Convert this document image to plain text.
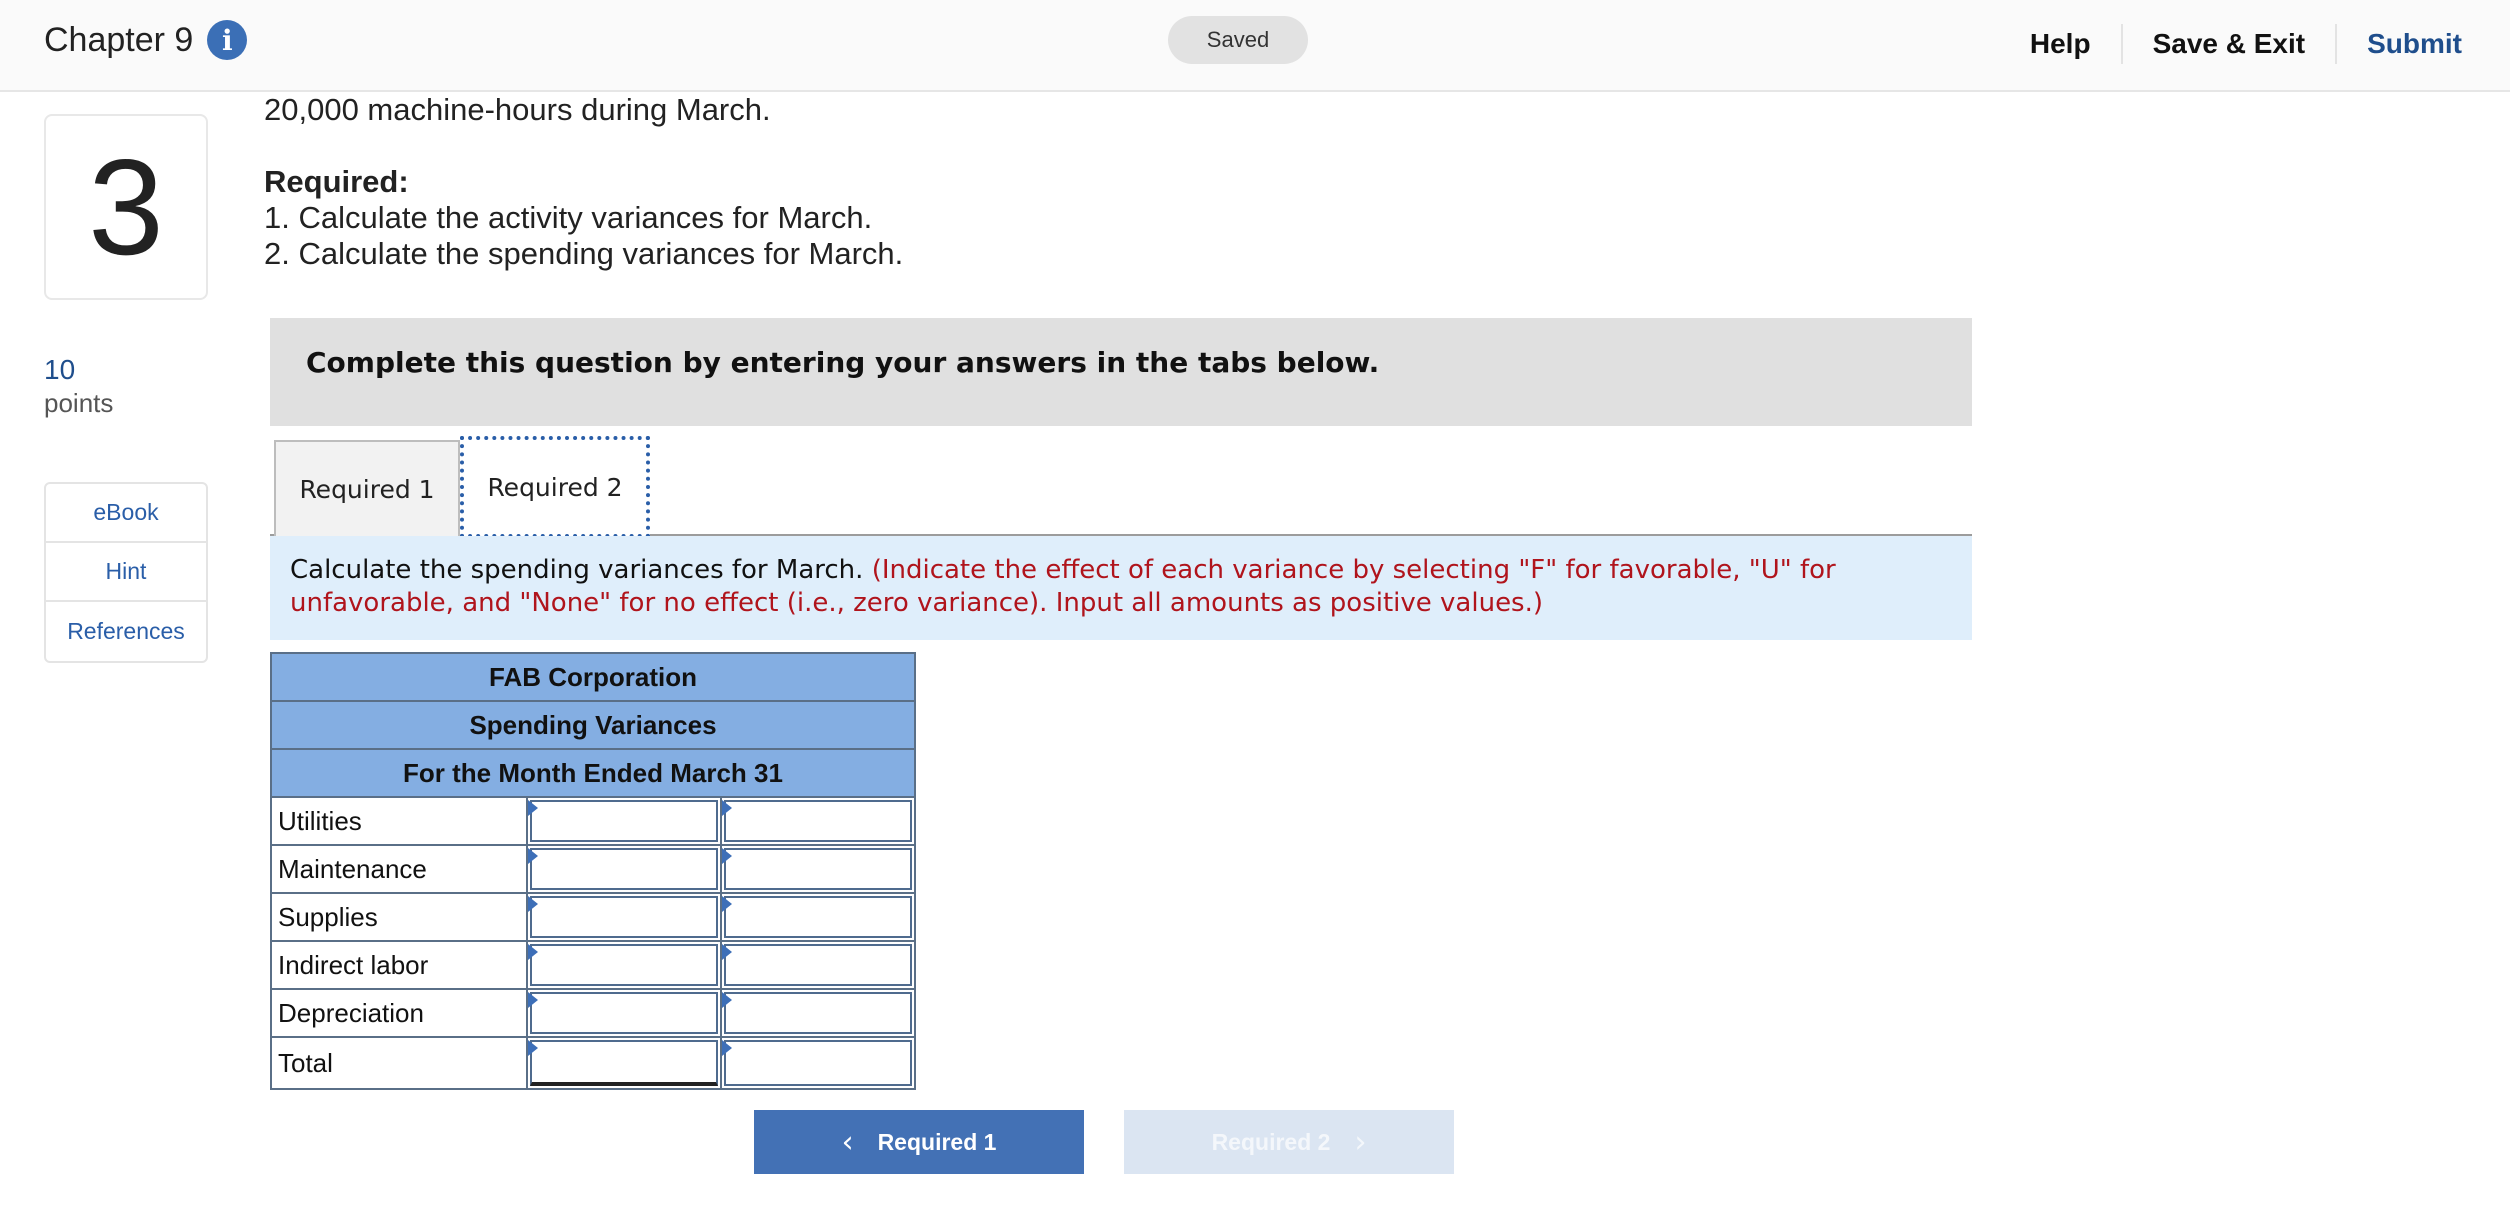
Chapter 9	i	Saved	Help	Save & Exit	Submit
3
10
points
eBook
Hint
References
20,000 machine-hours during March.
Required:
1. Calculate the activity variances for March.
2. Calculate the spending variances for March.
Complete this question by entering your answers in the tabs below.
Required 1	Required 2
Calculate the spending variances for March. (Indicate the effect of each variance by selecting "F" for favorable, "U" for unfavorable, and "None" for no effect (i.e., zero variance). Input all amounts as positive values.)
FAB Corporation		
Spending Variances		
For the Month Ended March 31		
Utilities	

Maintenance	

Supplies	

Indirect labor	

Depreciation	

Total	

‹ Required 1	Required 2 ›
